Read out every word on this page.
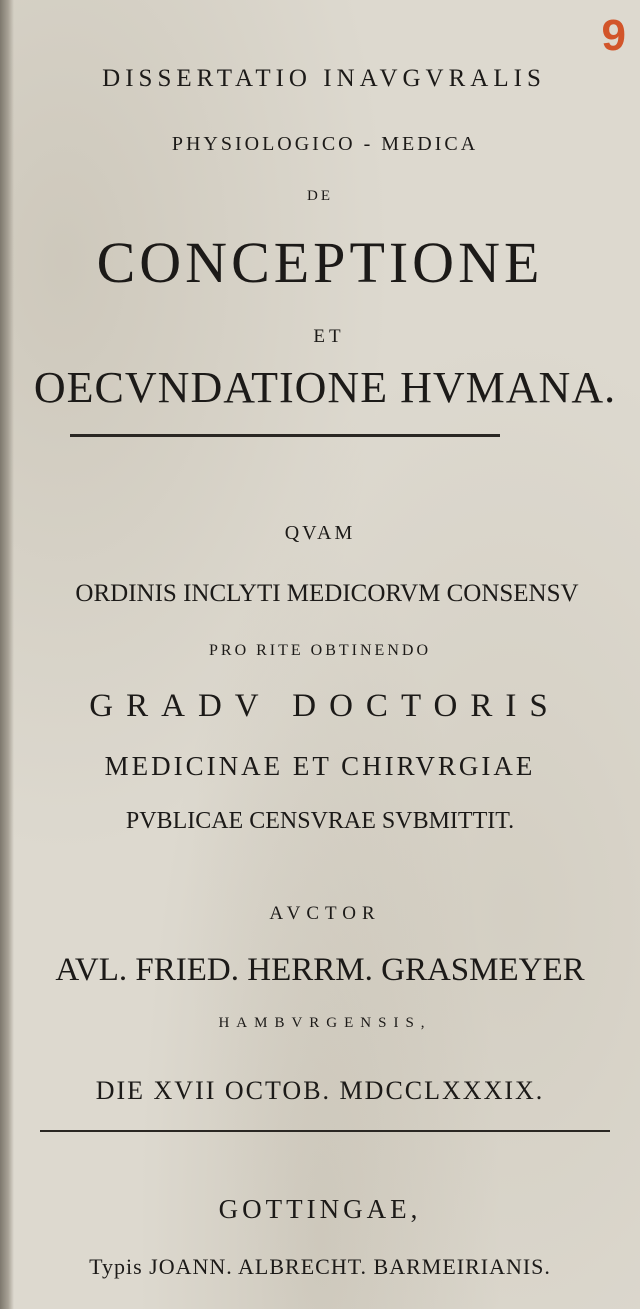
9
DISSERTATIO INAVGVRALIS
PHYSIOLOGICO - MEDICA
DE
CONCEPTIONE
ET
OECVNDATIONE HVMANA.
QVAM
ORDINIS INCLYTI MEDICORVM CONSENSV
PRO RITE OBTINENDO
GRADV DOCTORIS
MEDICINAE ET CHIRVRGIAE
PVBLICAE CENSVRAE SVBMITTIT.
AVCTOR
AVL. FRIED. HERRM. GRASMEYER
HAMBVRGENSIS,
DIE XVII OCTOB. MDCCLXXXIX.
GOTTINGAE,
Typis JOANN. ALBRECHT. BARMEIRIANIS.
